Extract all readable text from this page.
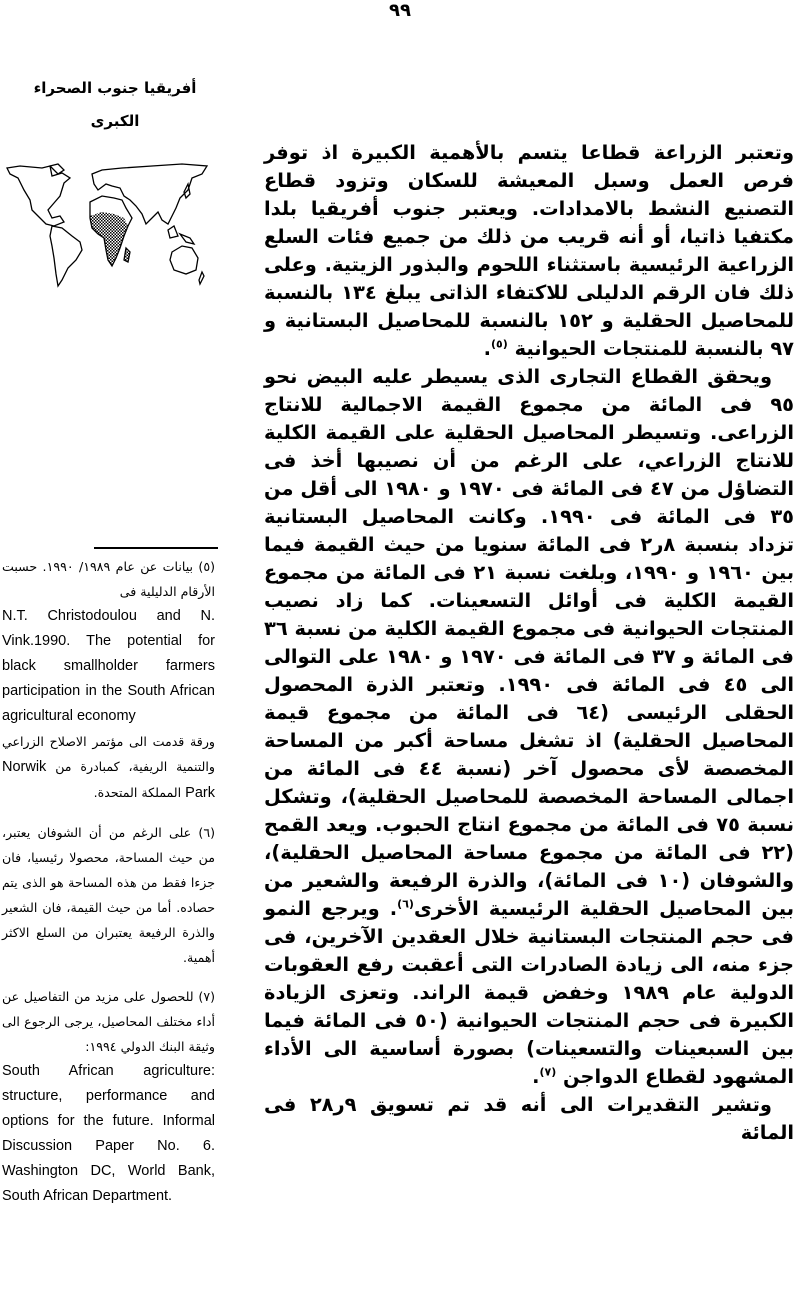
٩٩
أفريقيا جنوب الصحراء
الكبرى

وتعتبر الزراعة قطاعا يتسم بالأهمية الكبيرة اذ توفر فرص العمل وسبل المعيشة للسكان وتزود قطاع التصنيع النشط بالامدادات. ويعتبر جنوب أفريقيا بلدا مكتفيا ذاتيا، أو أنه قريب من ذلك من جميع فئات السلع الزراعية الرئيسية باستثناء اللحوم والبذور الزيتية. وعلى ذلك فان الرقم الدليلى للاكتفاء الذاتى يبلغ ١٣٤ بالنسبة للمحاصيل الحقلية و ١٥٢ بالنسبة للمحاصيل البستانية و ٩٧ بالنسبة للمنتجات الحيوانية $^{(٥)}$.

ويحقق القطاع التجارى الذى يسيطر عليه البيض نحو ٩٥ فى المائة من مجموع القيمة الاجمالية للانتاج الزراعى. وتسيطر المحاصيل الحقلية على القيمة الكلية للانتاج الزراعي، على الرغم من أن نصيبها أخذ فى التضاؤل من ٤٧ فى المائة فى ١٩٧٠ و ١٩٨٠ الى أقل من ٣٥ فى المائة فى ١٩٩٠. وكانت المحاصيل البستانية تزداد بنسبة ٨ر٢ فى المائة سنويا من حيث القيمة فيما بين ١٩٦٠ و ١٩٩٠، وبلغت نسبة ٢١ فى المائة من مجموع القيمة الكلية فى أوائل التسعينات. كما زاد نصيب المنتجات الحيوانية فى مجموع القيمة الكلية من نسبة ٣٦ فى المائة و ٣٧ فى المائة فى ١٩٧٠ و ١٩٨٠ على التوالى الى ٤٥ فى المائة فى ١٩٩٠. وتعتبر الذرة المحصول الحقلى الرئيسى (٦٤ فى المائة من مجموع قيمة المحاصيل الحقلية) اذ تشغل مساحة أكبر من المساحة المخصصة لأى محصول آخر (نسبة ٤٤ فى المائة من اجمالى المساحة المخصصة للمحاصيل الحقلية)، وتشكل نسبة ٧٥ فى المائة من مجموع انتاج الحبوب. ويعد القمح (٢٢ فى المائة من مجموع مساحة المحاصيل الحقلية)، والشوفان (١٠ فى المائة)، والذرة الرفيعة والشعير من بين المحاصيل الحقلية الرئيسية الأخرى$^{(٦)}$. ويرجع النمو فى حجم المنتجات البستانية خلال العقدين الآخرين، فى جزء منه، الى زيادة الصادرات التى أعقبت رفع العقوبات الدولية عام ١٩٨٩ وخفض قيمة الراند. وتعزى الزيادة الكبيرة فى حجم المنتجات الحيوانية (٥٠ فى المائة فيما بين السبعينات والتسعينات) بصورة أساسية الى الأداء المشهود لقطاع الدواجن $^{(٧)}$.

وتشير التقديرات الى أنه قد تم تسويق ٩ر٢٨ فى المائة

(٥) بيانات عن عام ١٩٨٩/ ١٩٩٠. حسبت الأرقام الدليلية فى
N.T. Christodoulou and N. Vink.1990. The potential for black smallholder farmers participation in the South African agricultural economy
ورقة قدمت الى مؤتمر الاصلاح الزراعي والتنمية الريفية، كمبادرة من Norwik Park المملكة المتحدة.

(٦) على الرغم من أن الشوفان يعتبر، من حيث المساحة، محصولا رئيسيا، فان جزءا فقط من هذه المساحة هو الذى يتم حصاده. أما من حيث القيمة، فان الشعير والذرة الرفيعة يعتبران من السلع الاكثر أهمية.

(٧) للحصول على مزيد من التفاصيل عن أداء مختلف المحاصيل، يرجى الرجوع الى وثيقة البنك الدولي ١٩٩٤:
South African agriculture: structure, performance and options for the future. Informal Discussion Paper No. 6. Washington DC, World Bank, South African Department.
